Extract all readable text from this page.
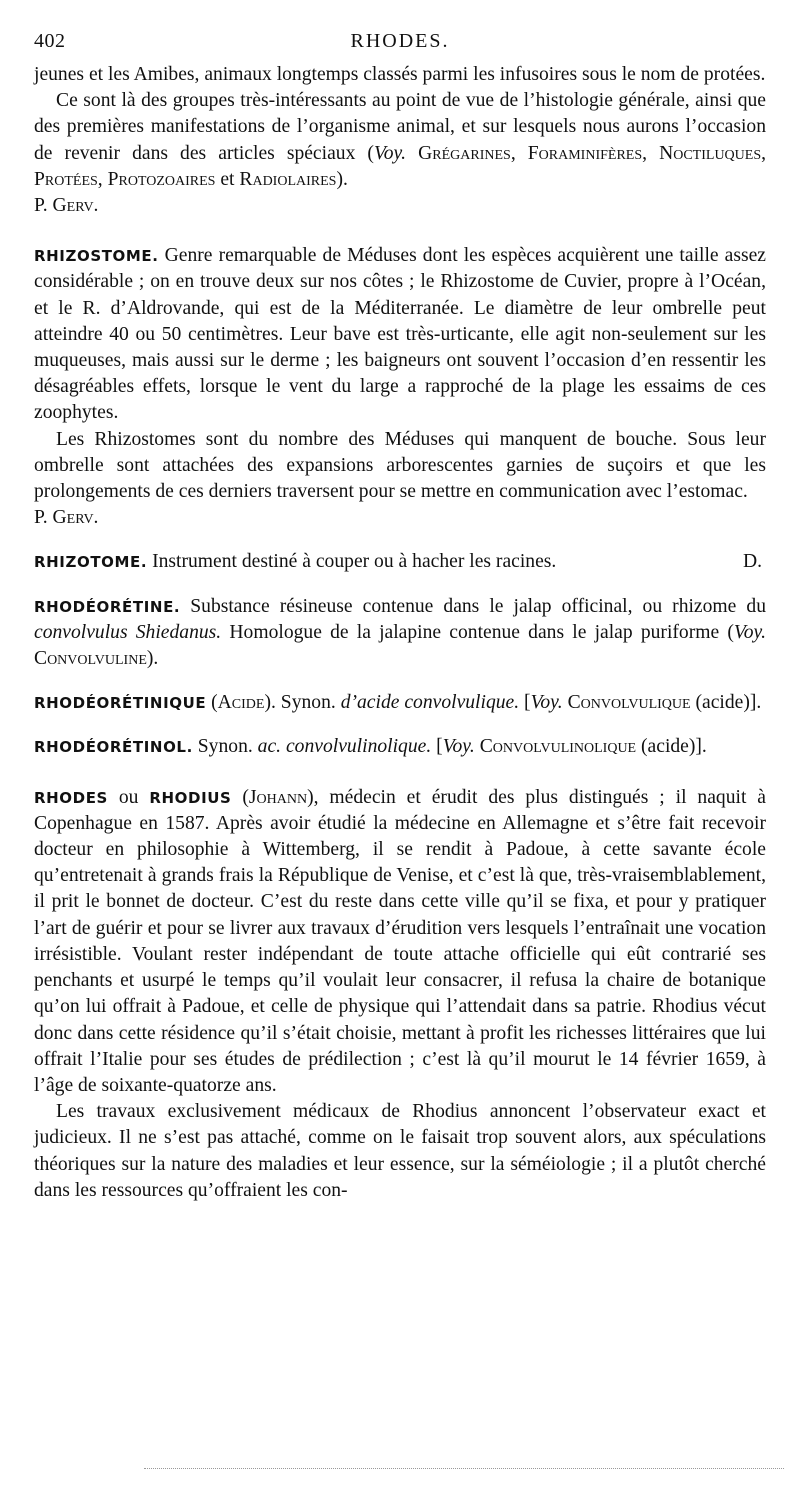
402	RHODES.

jeunes et les Amibes, animaux longtemps classés parmi les infusoires sous le nom de protées.

Ce sont là des groupes très-intéressants au point de vue de l’histologie générale, ainsi que des premières manifestations de l’organisme animal, et sur lesquels nous aurons l’occasion de revenir dans des articles spéciaux (Voy. Grégarines, Foraminifères, Noctiluques, Protées, Protozoaires et Radiolaires).

P. Gerv.

RHIZOSTOME. Genre remarquable de Méduses dont les espèces acquièrent une taille assez considérable ; on en trouve deux sur nos côtes ; le Rhizostome de Cuvier, propre à l’Océan, et le R. d’Aldrovande, qui est de la Méditerranée. Le diamètre de leur ombrelle peut atteindre 40 ou 50 centimètres. Leur bave est très-urticante, elle agit non-seulement sur les muqueuses, mais aussi sur le derme ; les baigneurs ont souvent l’occasion d’en ressentir les désagréables effets, lorsque le vent du large a rapproché de la plage les essaims de ces zoophytes.

Les Rhizostomes sont du nombre des Méduses qui manquent de bouche. Sous leur ombrelle sont attachées des expansions arborescentes garnies de suçoirs et que les prolongements de ces derniers traversent pour se mettre en communication avec l’estomac.

P. Gerv.

RHIZOTOME. Instrument destiné à couper ou à hacher les racines.	D.

RHODÉORÉTINE. Substance résineuse contenue dans le jalap officinal, ou rhizome du convolvulus Shiedanus. Homologue de la jalapine contenue dans le jalap puriforme (Voy. Convolvuline).

RHODÉORÉTINIQUE (Acide). Synon. d’acide convolvulique. [Voy. Convolvulique (acide)].

RHODÉORÉTINOL. Synon. ac. convolvulinolique. [Voy. Convolvulinolique (acide)].

RHODES ou RHODIUS (Johann), médecin et érudit des plus distingués ; il naquit à Copenhague en 1587. Après avoir étudié la médecine en Allemagne et s’être fait recevoir docteur en philosophie à Wittemberg, il se rendit à Padoue, à cette savante école qu’entretenait à grands frais la République de Venise, et c’est là que, très-vraisemblablement, il prit le bonnet de docteur. C’est du reste dans cette ville qu’il se fixa, et pour y pratiquer l’art de guérir et pour se livrer aux travaux d’érudition vers lesquels l’entraînait une vocation irrésistible. Voulant rester indépendant de toute attache officielle qui eût contrarié ses penchants et usurpé le temps qu’il voulait leur consacrer, il refusa la chaire de botanique qu’on lui offrait à Padoue, et celle de physique qui l’attendait dans sa patrie. Rhodius vécut donc dans cette résidence qu’il s’était choisie, mettant à profit les richesses littéraires que lui offrait l’Italie pour ses études de prédilection ; c’est là qu’il mourut le 14 février 1659, à l’âge de soixante-quatorze ans.

Les travaux exclusivement médicaux de Rhodius annoncent l’observateur exact et judicieux. Il ne s’est pas attaché, comme on le faisait trop souvent alors, aux spéculations théoriques sur la nature des maladies et leur essence, sur la séméiologie ; il a plutôt cherché dans les ressources qu’offraient les con-
